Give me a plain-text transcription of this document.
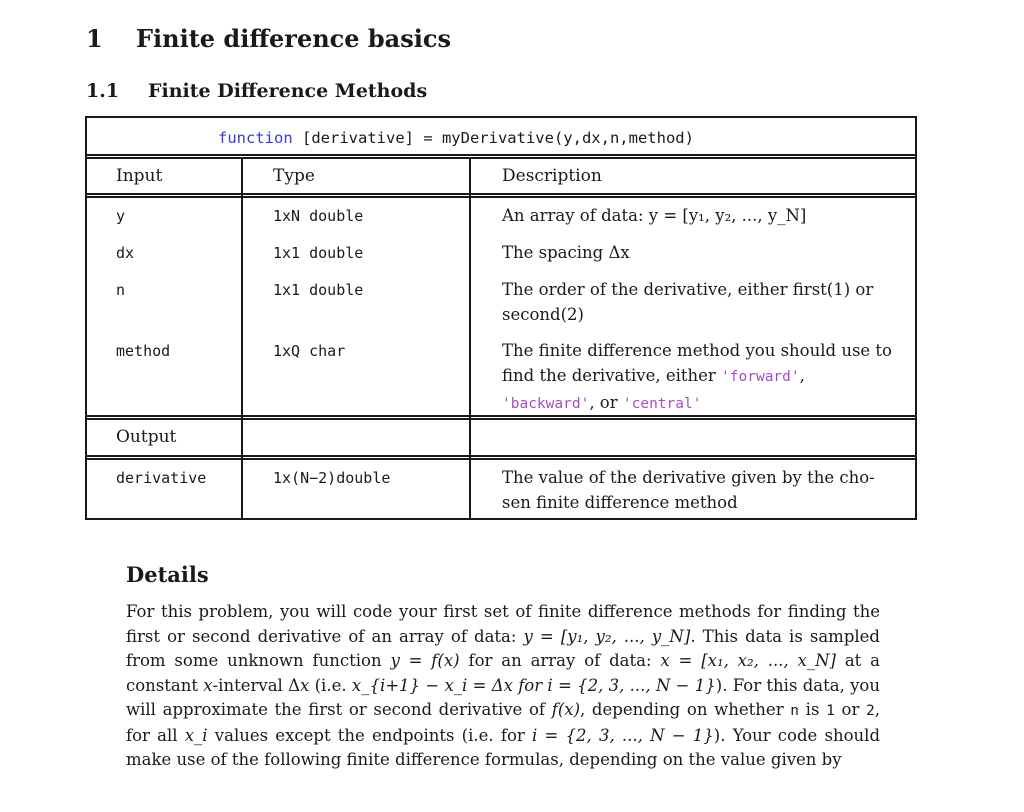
1 Finite difference basics
1.1 Finite Difference Methods
function [derivative] = myDerivative(y,dx,n,method)
Input	Type	Description
y	1xN double	An array of data: y = [y₁, y₂, ..., y_N]
dx	1x1 double	The spacing Δx
n	1x1 double	The order of the derivative, either first(1) or second(2)
method	1xQ char	The finite difference method you should use to find the derivative, either 'forward', 'backward', or 'central'
Output
derivative	1x(N−2)double	The value of the derivative given by the cho-sen finite difference method
Details

For this problem, you will code your first set of finite difference methods for finding the first or second derivative of an array of data: y = [y₁, y₂, ..., y_N]. This data is sampled from some unknown function y = f(x) for an array of data: x = [x₁, x₂, ..., x_N] at a constant x-interval Δx (i.e. x_{i+1} − x_i = Δx for i = {2, 3, ..., N − 1}). For this data, you will approximate the first or second derivative of f(x), depending on whether n is 1 or 2, for all x_i values except the endpoints (i.e. for i = {2, 3, ..., N − 1}). Your code should make use of the following finite difference formulas, depending on the value given by
